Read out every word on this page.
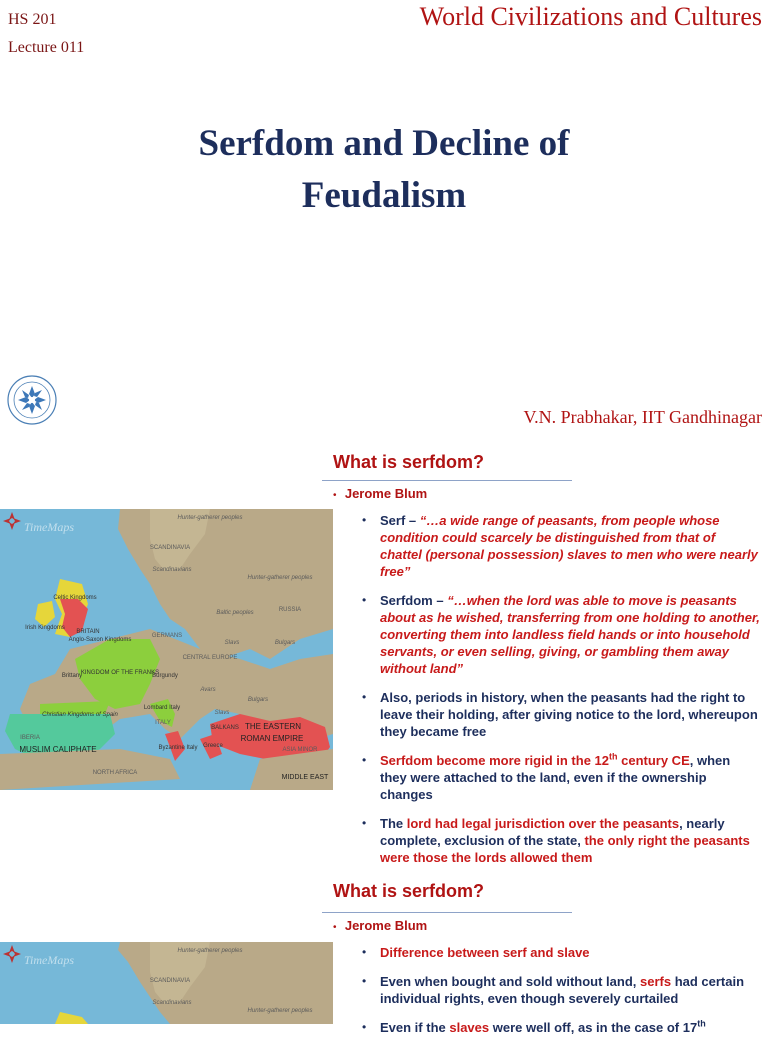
HS 201
Lecture 011
World Civilizations and Cultures
Serfdom and Decline of
Feudalism
V.N. Prabhakar, IIT Gandhinagar
What is serfdom?
•   Jerome Blum
TimeMaps
Hunter-gatherer peoples
SCANDINAVIA
Scandinavians
Hunter-gatherer peoples
Celtic Kingdoms
Baltic peoples	RUSSIA
Irish Kingdoms
BRITAIN
Anglo-Saxon Kingdoms
GERMANS
Slavs	Bulgars
CENTRAL EUROPE
Brittany
KINGDOM OF THE FRANKS
Burgundy
Avars
Bulgars
Christian Kingdoms of Spain
Lombard Italy
ITALY
Slavs
BALKANS THE EASTERN
ROMAN EMPIRE
Greece
IBERIA
ASIA MINOR
MUSLIM CALIPHATE	Byzantine Italy
MIDDLE EAST
NORTH AFRICA
• Serf – “…a wide range of peasants, from people whose condition could scarcely be distinguished from that of chattel (personal possession) slaves to men who were nearly free”
• Serfdom – “…when the lord was able to move is peasants about as he wished, transferring from one holding to another, converting them into landless field hands or into household servants, or even selling, giving, or gambling them away without land”
• Also, periods in history, when the peasants had the right to leave their holding, after giving notice to the lord, whereupon they became free
• Serfdom become more rigid in the 12th century CE, when they were attached to the land, even if the ownership changes
• The lord had legal jurisdiction over the peasants, nearly complete, exclusion of the state, the only right the peasants were those the lords allowed them
What is serfdom?
•   Jerome Blum
TimeMaps
Hunter-gatherer peoples
SCANDINAVIA
Scandinavians
Hunter-gatherer peoples
• Difference between serf and slave
• Even when bought and sold without land, serfs had certain individual rights, even though severely curtailed
• Even if the slaves were well off, as in the case of 17th
